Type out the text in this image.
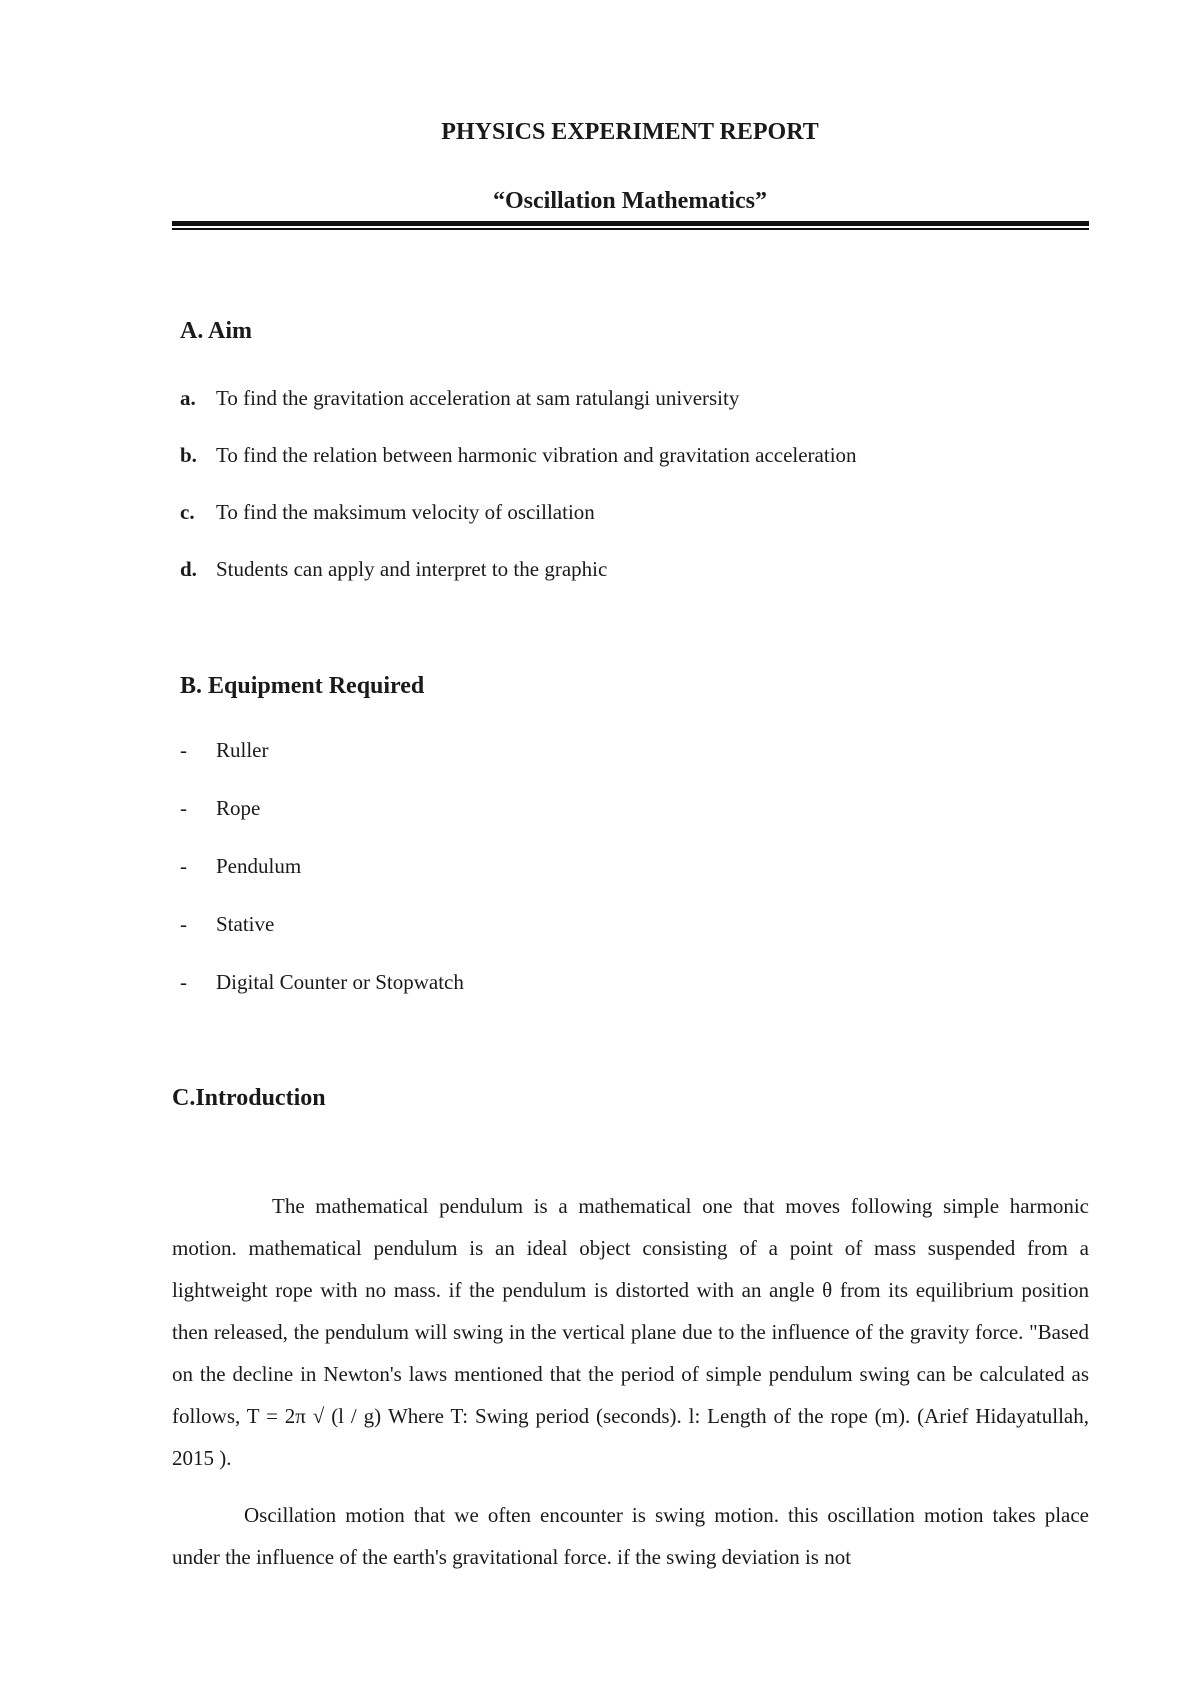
PHYSICS EXPERIMENT REPORT
“Oscillation Mathematics”
A. Aim
a. To find the gravitation acceleration at sam ratulangi university
b. To find the relation between harmonic vibration and gravitation acceleration
c. To find the maksimum velocity of oscillation
d. Students can apply and interpret to the graphic
B. Equipment Required
- Ruller
- Rope
- Pendulum
- Stative
- Digital Counter or Stopwatch
C.Introduction

The mathematical pendulum is a mathematical one that moves following simple harmonic motion. mathematical pendulum is an ideal object consisting of a point of mass suspended from a lightweight rope with no mass. if the pendulum is distorted with an angle θ from its equilibrium position then released, the pendulum will swing in the vertical plane due to the influence of the gravity force. "Based on the decline in Newton's laws mentioned that the period of simple pendulum swing can be calculated as follows, T = 2π √ (l / g) Where T: Swing period (seconds). l: Length of the rope (m). (Arief Hidayatullah, 2015 ).

Oscillation motion that we often encounter is swing motion. this oscillation motion takes place under the influence of the earth's gravitational force. if the swing deviation is not
